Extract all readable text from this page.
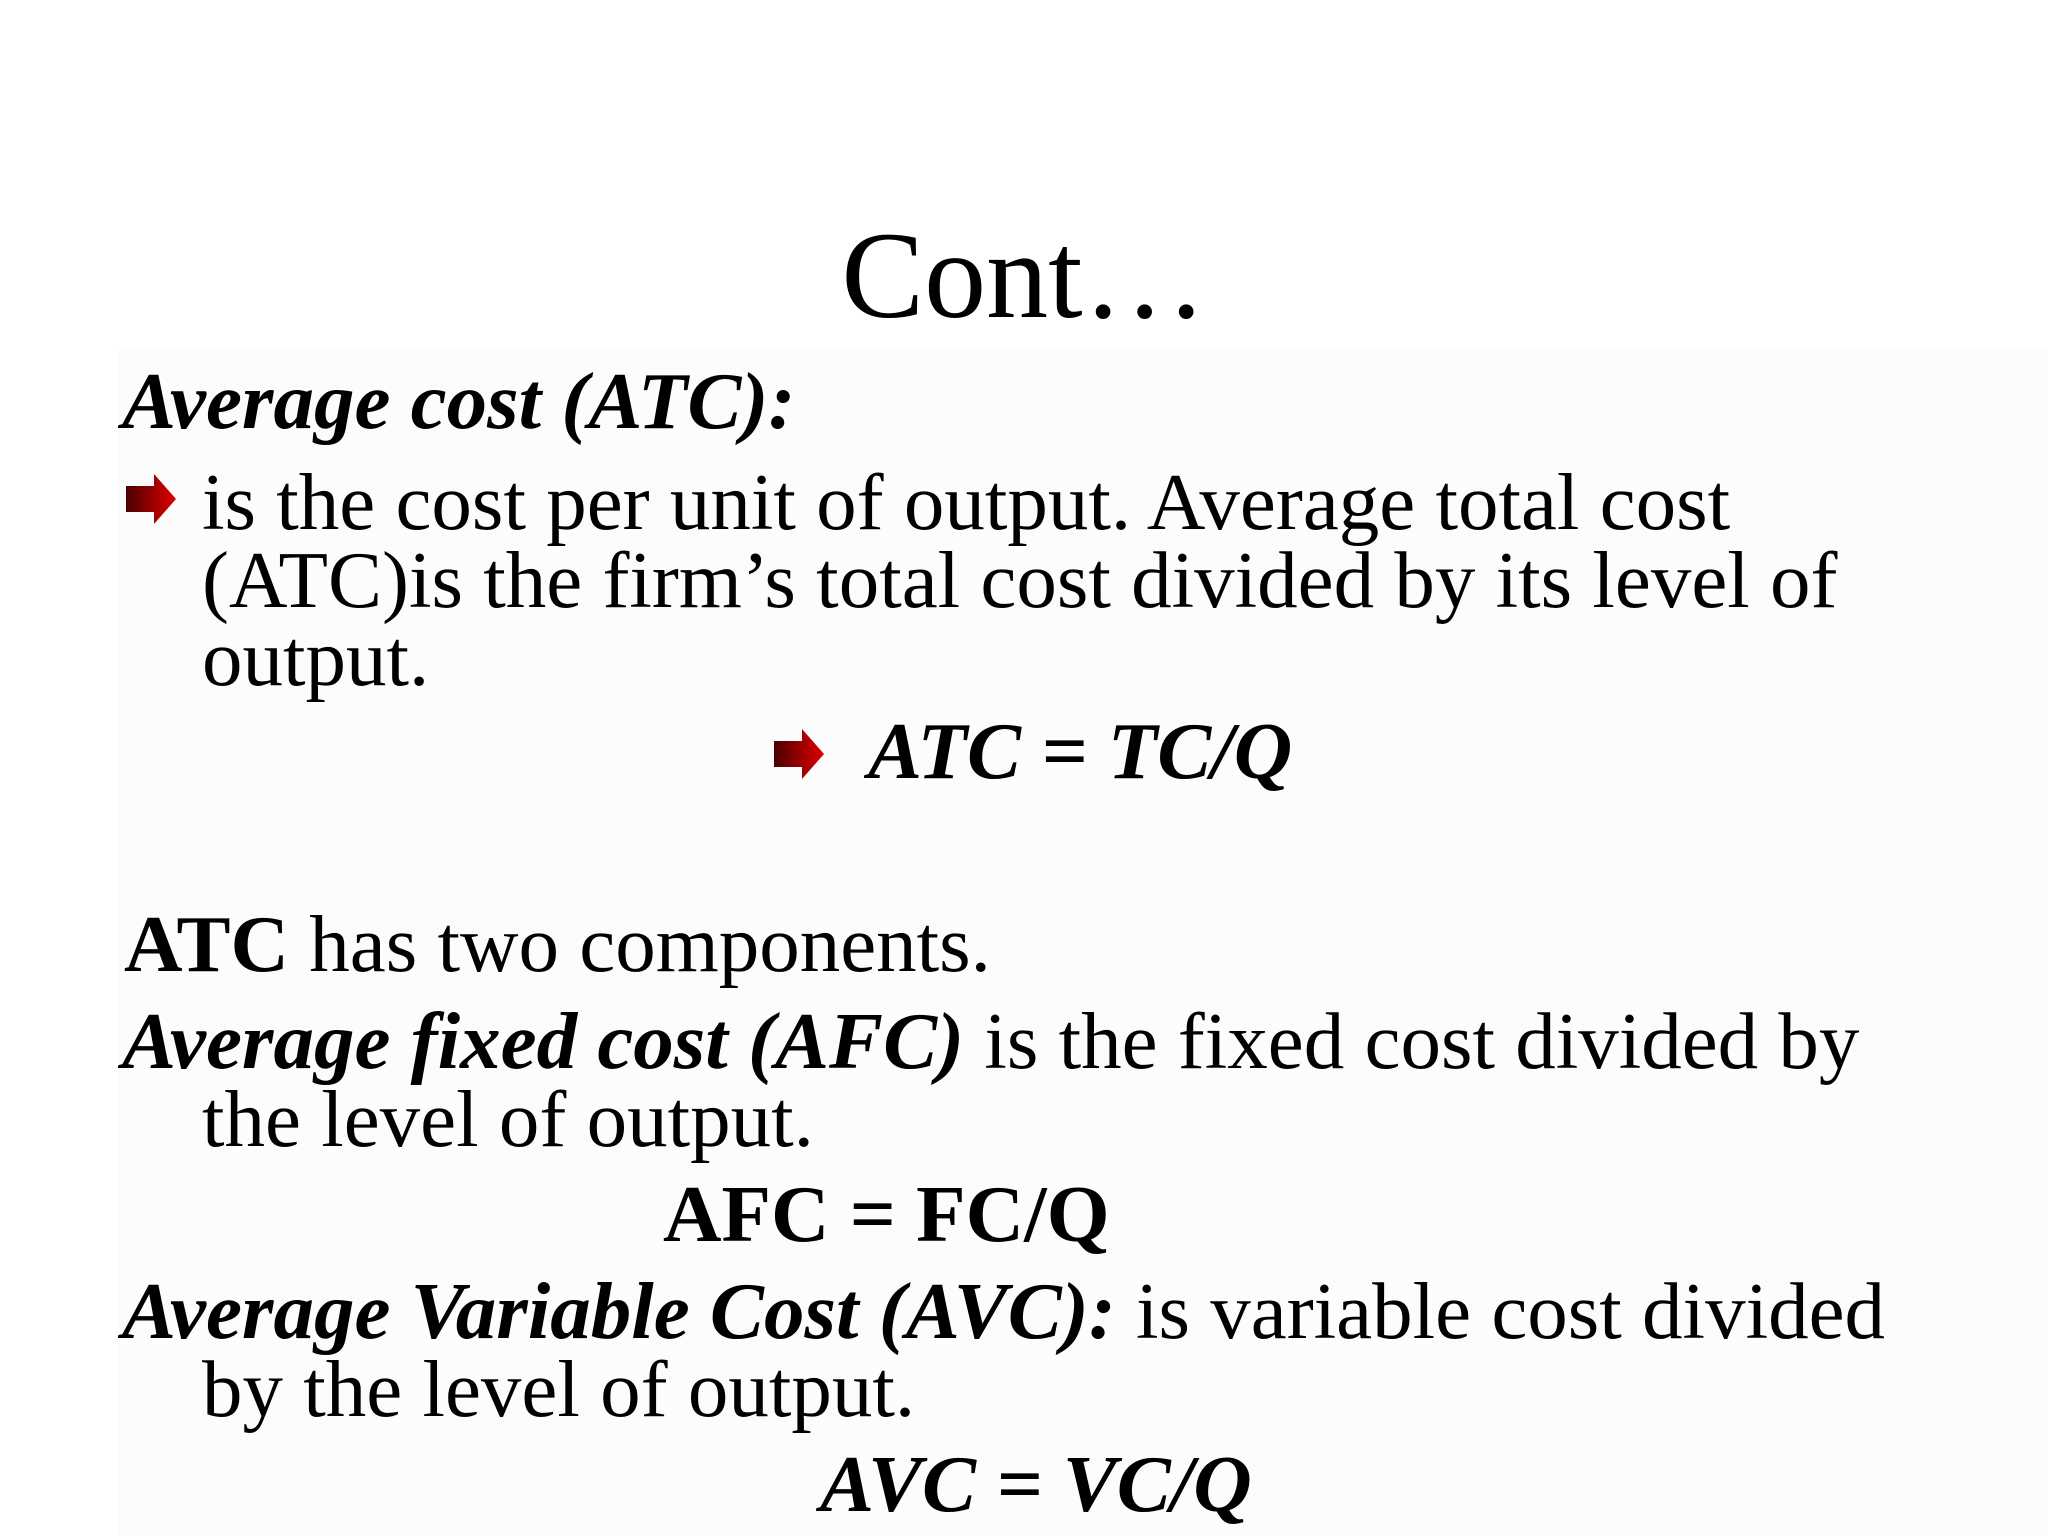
Cont…
Average cost (ATC):
is the cost per unit of output. Average total cost
(ATC)is the firm’s total cost divided by its level of
output.
ATC = TC/Q
ATC has two components.
Average fixed cost (AFC) is the fixed cost divided by
the level of output.
AFC = FC/Q
Average Variable Cost (AVC): is variable cost divided
by the level of output.
AVC = VC/Q
